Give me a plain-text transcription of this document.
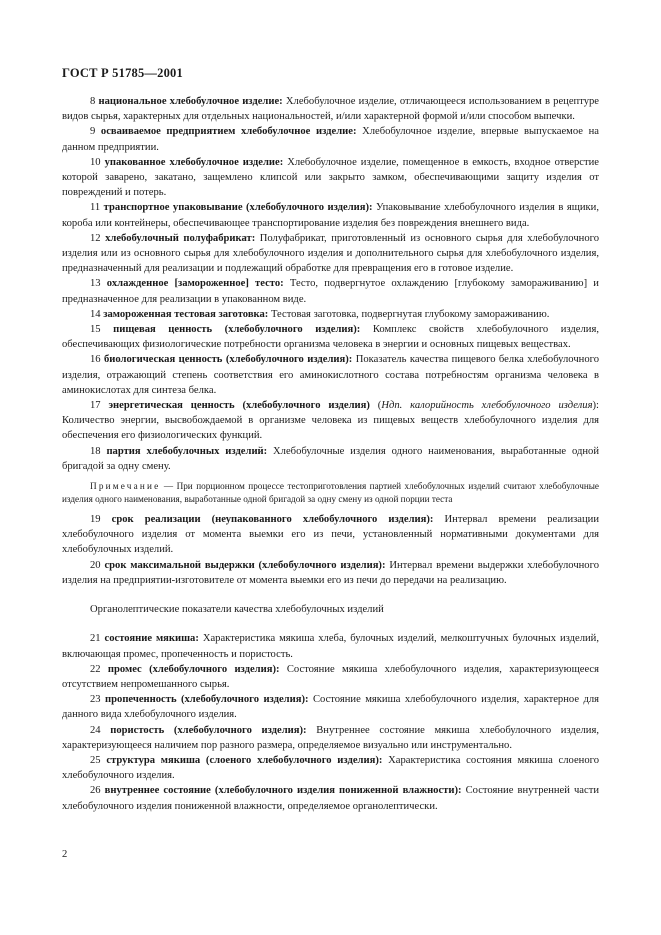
ГОСТ Р 51785—2001

8 национальное хлебобулочное изделие: Хлебобулочное изделие, отличающееся использованием в рецептуре видов сырья, характерных для отдельных национальностей, и/или характерной формой и/или способом выпечки.

9 осваиваемое предприятием хлебобулочное изделие: Хлебобулочное изделие, впервые выпускаемое на данном предприятии.

10 упакованное хлебобулочное изделие: Хлебобулочное изделие, помещенное в емкость, входное отверстие которой заварено, закатано, защемлено клипсой или закрыто замком, обеспечивающими защиту изделия от повреждений и потерь.

11 транспортное упаковывание (хлебобулочного изделия): Упаковывание хлебобулочного изделия в ящики, короба или контейнеры, обеспечивающее транспортирование изделия без повреждения внешнего вида.

12 хлебобулочный полуфабрикат: Полуфабрикат, приготовленный из основного сырья для хлебобулочного изделия или из основного сырья для хлебобулочного изделия и дополнительного сырья для хлебобулочного изделия, предназначенный для реализации и подлежащий обработке для превращения его в готовое изделие.

13 охлажденное [замороженное] тесто: Тесто, подвергнутое охлаждению [глубокому замораживанию] и предназначенное для реализации в упакованном виде.

14 замороженная тестовая заготовка: Тестовая заготовка, подвергнутая глубокому замораживанию.

15 пищевая ценность (хлебобулочного изделия): Комплекс свойств хлебобулочного изделия, обеспечивающих физиологические потребности организма человека в энергии и основных пищевых веществах.

16 биологическая ценность (хлебобулочного изделия): Показатель качества пищевого белка хлебобулочного изделия, отражающий степень соответствия его аминокислотного состава потребностям организма человека в аминокислотах для синтеза белка.

17 энергетическая ценность (хлебобулочного изделия) (Ндп. калорийность хлебобулочного изделия): Количество энергии, высвобождаемой в организме человека из пищевых веществ хлебобулочного изделия для обеспечения его физиологических функций.

18 партия хлебобулочных изделий: Хлебобулочные изделия одного наименования, выработанные одной бригадой за одну смену.

Примечание — При порционном процессе тестоприготовления партией хлебобулочных изделий считают хлебобулочные изделия одного наименования, выработанные одной бригадой за одну смену из одной порции теста

19 срок реализации (неупакованного хлебобулочного изделия): Интервал времени реализации хлебобулочного изделия от момента выемки его из печи, установленный нормативными документами для хлебобулочных изделий.

20 срок максимальной выдержки (хлебобулочного изделия): Интервал времени выдержки хлебобулочного изделия на предприятии-изготовителе от момента выемки его из печи до передачи на реализацию.

Органолептические показатели качества хлебобулочных изделий

21 состояние мякиша: Характеристика мякиша хлеба, булочных изделий, мелкоштучных булочных изделий, включающая промес, пропеченность и пористость.

22 промес (хлебобулочного изделия): Состояние мякиша хлебобулочного изделия, характеризующееся отсутствием непромешанного сырья.

23 пропеченность (хлебобулочного изделия): Состояние мякиша хлебобулочного изделия, характерное для данного вида хлебобулочного изделия.

24 пористость (хлебобулочного изделия): Внутреннее состояние мякиша хлебобулочного изделия, характеризующееся наличием пор разного размера, определяемое визуально или инструментально.

25 структура мякиша (слоеного хлебобулочного изделия): Характеристика состояния мякиша слоеного хлебобулочного изделия.

26 внутреннее состояние (хлебобулочного изделия пониженной влажности): Состояние внутренней части хлебобулочного изделия пониженной влажности, определяемое органолептически.

2
